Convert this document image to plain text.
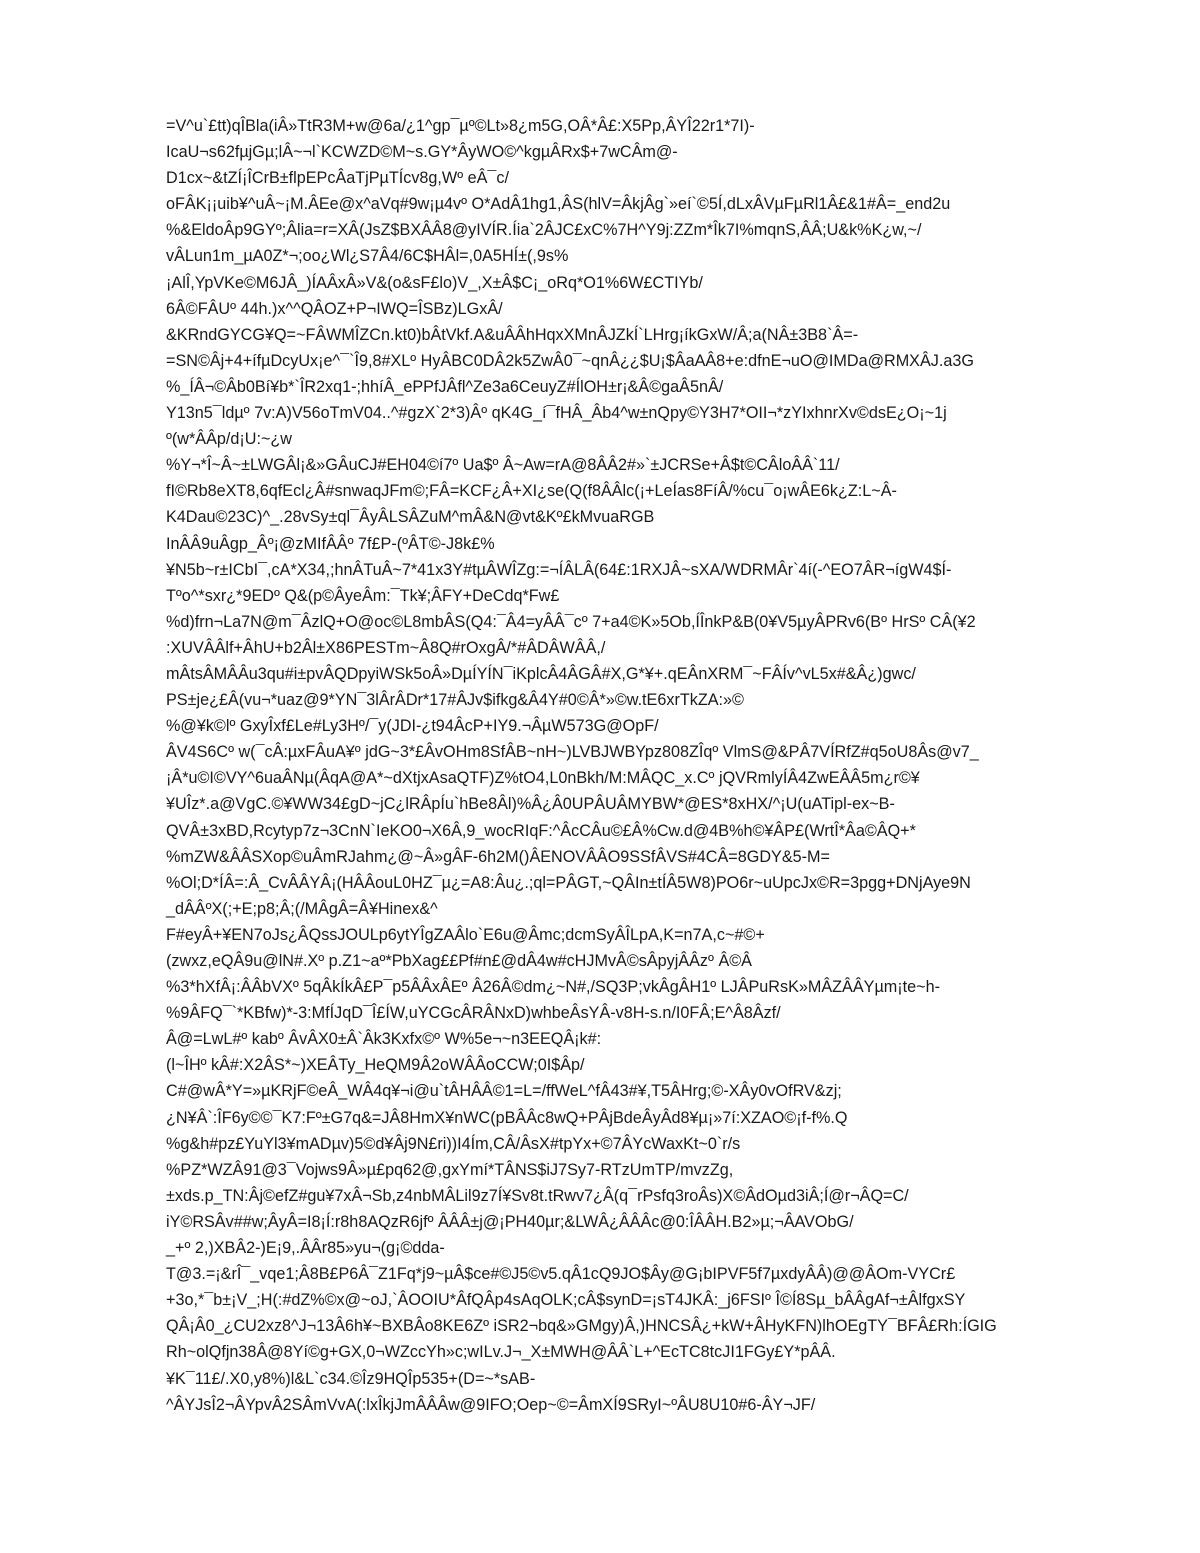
=V^u`£tt)qÎBla(iÂ»TtR3M+w@6a/¿1^gp¯µº©Lt»8¿m5G,OÂ*Â£:X5Pp,ÂYÎ22r1*7I)-
IcaU¬s62fµjGµ;lÂ~¬l`KCWZD©M~s.GY*ÂyWO©^kgµÂRx$+7wCÂm@-
D1cx~&tZÍ¡ÎCrB±flpEPcÂaTjPµTÍcv8g,Wº eÂ¯c/
oFÂK¡¡uib¥^uÂ~¡M.ÂEe@x^aVq#9w¡µ4vº O*AdÂ1hg1,ÂS(hlV=ÂkjÂg`»eí`©5Í,dLxÂVµFµRl1Â£&1#Â=_end2u
%&EldoÂp9GYº;Âlia=r=XÂ(JsZ$BXÂÂ8@yIVÍR.Íia`2ÂJC£xC%7H^Y9j:ZZm*Îk7I%mqnS,ÂÂ;U&k%K¿w,~/
vÂLun1m_µA0Z*¬;oo¿Wl¿S7Â4/6C$HÂl=,0A5HÍ±(,9s%
¡AlÎ,YpVKe©M6JÂ_)ÍAÂxÂ»V&(o&sF£lo)V_,X±Â$C¡_oRq*O1%6W£CTIYb/
6Â©FÂUº 44h.)x^^QÂOZ+P¬IWQ=ÎSBz)LGxÂ/
&KRndGYCG¥Q=~FÂWMÎZCn.kt0)bÂtVkf.A&uÂÂhHqxXMnÂJZkÍ`LHrg¡íkGxW/Â;a(NÂ±3B8`Â=-
=SN©Âj+4+ífµDcyUx¡e^¯`Î9,8#XLº HyÂBC0DÂ2k5ZwÂ0¯~qnÂ¿¿$U¡$ÂaAÂ8+e:dfnE¬uO@IMDa@RMXÂJ.a3G
%_ÍÂ¬©Âb0Bí¥b*`ÎR2xq1-;hhíÂ_ePPfJÂfl^Ze3a6CeuyZ#ÍlOH±r¡&Â©gaÂ5nÂ/
Y13n5¯ldµº 7v:A)V56oTmV04..^#gzX`2*3)Âº qK4G_í¯fHÂ_Âb4^w±nQpy©Y3H7*OII¬*zYIxhnrXv©dsE¿O¡~1j
º(w*ÂÂp/d¡U:~¿w
%Y¬*Î~Â~±LWGÂl¡&»GÂuCJ#EH04©í7º Ua$º Â~Aw=rA@8ÂÂ2#»`±JCRSe+Â$t©CÂloÂÂ`11/
fI©Rb8eXT8,6qfEcl¿Â#snwaqJFm©;FÂ=KCF¿Â+XI¿se(Q(f8ÂÂlc(¡+LeÍas8FíÂ/%cu¯o¡wÂE6k¿Z:L~Â-
K4Dau©23C)^_.28vSy±ql¯ÂyÂLSÂZuM^mÂ&N@vt&Kº£kMvuaRGB
InÂÂ9uÂgp_Âº¡@zMIfÂÂº 7f£P-(ºÂT©-J8k£%
¥N5b~r±ICbI¯,cA*X34,;hnÂTuÂ~7*41x3Y#tµÂWÎZg:=¬ÍÂLÂ(64£:1RXJÂ~sXA/WDRMÂr`4í(-^EO7ÂR¬ígW4$Í-
Tºo^*sxr¿*9EDº Q&(p©ÂyeÂm:¯Tk¥;ÂFY+DeCdq*Fw£
%d)frn¬La7N@m¯ÂzlQ+O@oc©L8mbÂS(Q4:¯Â4=yÂÂ¯cº 7+a4©K»5Ob,ÍÎnkP&B(0¥V5µyÂPRv6(Bº HrSº CÂ(¥2
:XUVÂÂlf+ÂhU+b2Âl±X86PESTm~Â8Q#rOxgÂ/*#ÂDÂWÂÂ,/
mÂtsÂMÂÂu3qu#i±pvÂQDpyiWSk5oÂ»DµÍYÍN¯iKplcÂ4ÂGÂ#X,G*¥+.qEÂnXRM¯~FÂÍv^vL5x#&Â¿)gwc/
PS±je¿£Â(vu¬*uaz@9*YN¯3lÂrÂDr*17#ÂJv$ifkg&Â4Y#0©Â*»©w.tE6xrTkZA:»©
%@¥k©lº GxyÎxf£Le#Ly3Hº/¯y(JDI-¿t94ÂcP+IY9.¬ÂµW573G@OpF/
ÂV4S6Cº w(¯cÂ:µxFÂuA¥º jdG~3*£ÂvOHm8SfÂB~nH~)LVBJWBYpz808ZÎqº VlmS@&PÂ7VÍRfZ#q5oU8Âs@v7_
¡Â*u©I©VY^6uaÂNµ(ÂqA@A*~dXtjxAsaQTF)Z%tO4,L0nBkh/M:MÂQC_x.Cº jQVRmlyÍÂ4ZwEÂÂ5m¿r©¥
¥UÎz*.a@VgC.©¥WW34£gD~jC¿lRÂpÍu`hBe8Âl)%Â¿Â0UPÂUÂMYBW*@ES*8xHX/^¡U(uATipl-ex~B-
QVÂ±3xBD,Rcytyp7z¬3CnN`IeKO0¬X6Â,9_wocRIqF:^ÂcCÂu©£Â%Cw.d@4B%h©¥ÂP£(WrtÎ*Âa©ÂQ+*
%mZW&ÂÂSXop©uÂmRJahm¿@~Â»gÂF-6h2M()ÂENOVÂÂO9SSfÂVS#4CÂ=8GDY&5-M=
%Ol;D*ÍÂ=:Â_CvÂÂYÂ¡(HÂÂouL0HZ¯µ¿=A8:Âu¿.;ql=PÂGT,~QÂIn±tÍÂ5W8)PO6r~uUpcJx©R=3pgg+DNjAye9N
_dÂÂºX(;+E;p8;Â;(/MÂgÂ=Â¥Hinex&^
F#eyÂ+¥EN7oJs¿ÂQssJOULp6ytYÎgZAÂlo`E6u@Âmc;dcmSyÂÎLpA,K=n7A,c~#©+
(zwxz,eQÂ9u@lN#.Xº p.Z1~aº*PbXag££Pf#n£@dÂ4w#cHJMvÂ©sÂpyjÂÂzº Â©Â
%3*hXfÂ¡:ÂÂbVXº 5qÂkÍkÂ£P¯p5ÂÂxÂEº Â26Â©dm¿~N#,/SQ3P;vkÂgÂH1º LJÂPuRsK»MÂZÂÂYµm¡te~h-
%9ÂFQ¯`*KBfw)*-3:MfÍJqD¯Î£ÍW,uYCGcÂRÂNxD)whbeÂsYÂ-v8H-s.n/I0FÂ;E^Â8Âzf/
Â@=LwL#º kabº ÂvÂX0±Â`Âk3Kxfx©º W%5e¬~n3EEQÂ¡k#:
(l~ÎHº kÂ#:X2ÂS*~)XEÂTy_HeQM9Â2oWÂÂoCCW;0I$Âp/
C#@wÂ*Y=»µKRjF©eÂ_WÂ4q¥¬i@u`tÂHÂÂ©1=L=/ffWeL^fÂ43#¥,T5ÂHrg;©-XÂy0vOfRV&zj;
¿N¥Â`:ÎF6y©©¯K7:Fº±G7q&=JÂ8HmX¥nWC(pBÂÂc8wQ+PÂjBdeÂyÂd8¥µ¡»7í:XZAO©¡f-f%.Q
%g&h#pz£YuYl3¥mADµv)5©d¥Âj9N£ri))I4Ím,CÂ/ÂsX#tpYx+©7ÂYcWaxKt~0`r/s
%PZ*WZÂ91@3¯Vojws9Â»µ£pq62@,gxYmí*TÂNS$iJ7Sy7-RTzUmTP/mvzZg,
±xds.p_TN:Âj©efZ#gu¥7xÂ¬Sb,z4nbMÂLil9z7Í¥Sv8t.tRwv7¿Â(q¯rPsfq3roÂs)X©ÂdOµd3iÂ;Í@r¬ÂQ=C/
iY©RSÂv##w;ÂyÂ=I8¡Í:r8h8AQzR6jfº ÂÂÂ±j@¡PH40µr;&LWÂ¿ÂÂÂc@0:ÎÂÂH.B2»µ;¬ÂAVObG/
_+º 2,)XBÂ2-)E¡9,.ÂÂr85»yu¬(g¡©dda-
T@3.=¡&rÎ¯_vqe1;Â8B£P6Â¯Z1Fq*j9~µÂ$ce#©J5©v5.qÂ1cQ9JO$Ây@G¡bIPVF5f7µxdyÂÂ)@@ÂOm-VYCr£
+3o,*¯b±¡V_;H(:#dZ%©x@~oJ,`ÂOOIU*ÂfQÂp4sAqOLK;cÂ$synD=¡sT4JKÂ:_j6FSIº Î©Í8Sµ_bÂÂgAf¬±ÂlfgxSY
QÂ¡Â0_¿CU2xz8^J¬13Â6h¥~BXBÂo8KE6Zº iSR2¬bq&»GMgy)Â,)HNCSÂ¿+kW+ÂHyKFN)lhOEgTY¯BFÂ£Rh:ÍGIG
Rh~olQfjn38Â@8Yí©g+GX,0¬WZccYh»c;wILv.J¬_X±MWH@ÂÂ`L+^EcTC8tcJI1FGy£Y*pÂÂ.
¥K¯11£/.X0,y8%)l&L`c34.©Îz9HQÎp535+(D=~*sAB-
^ÂYJsÎ2¬ÂYpvÂ2SÂmVvA(:lxÎkjJmÂÂÂw@9IFO;Oep~©=ÂmXÍ9SRyI~ºÂU8U10#6-ÂY¬JF/
